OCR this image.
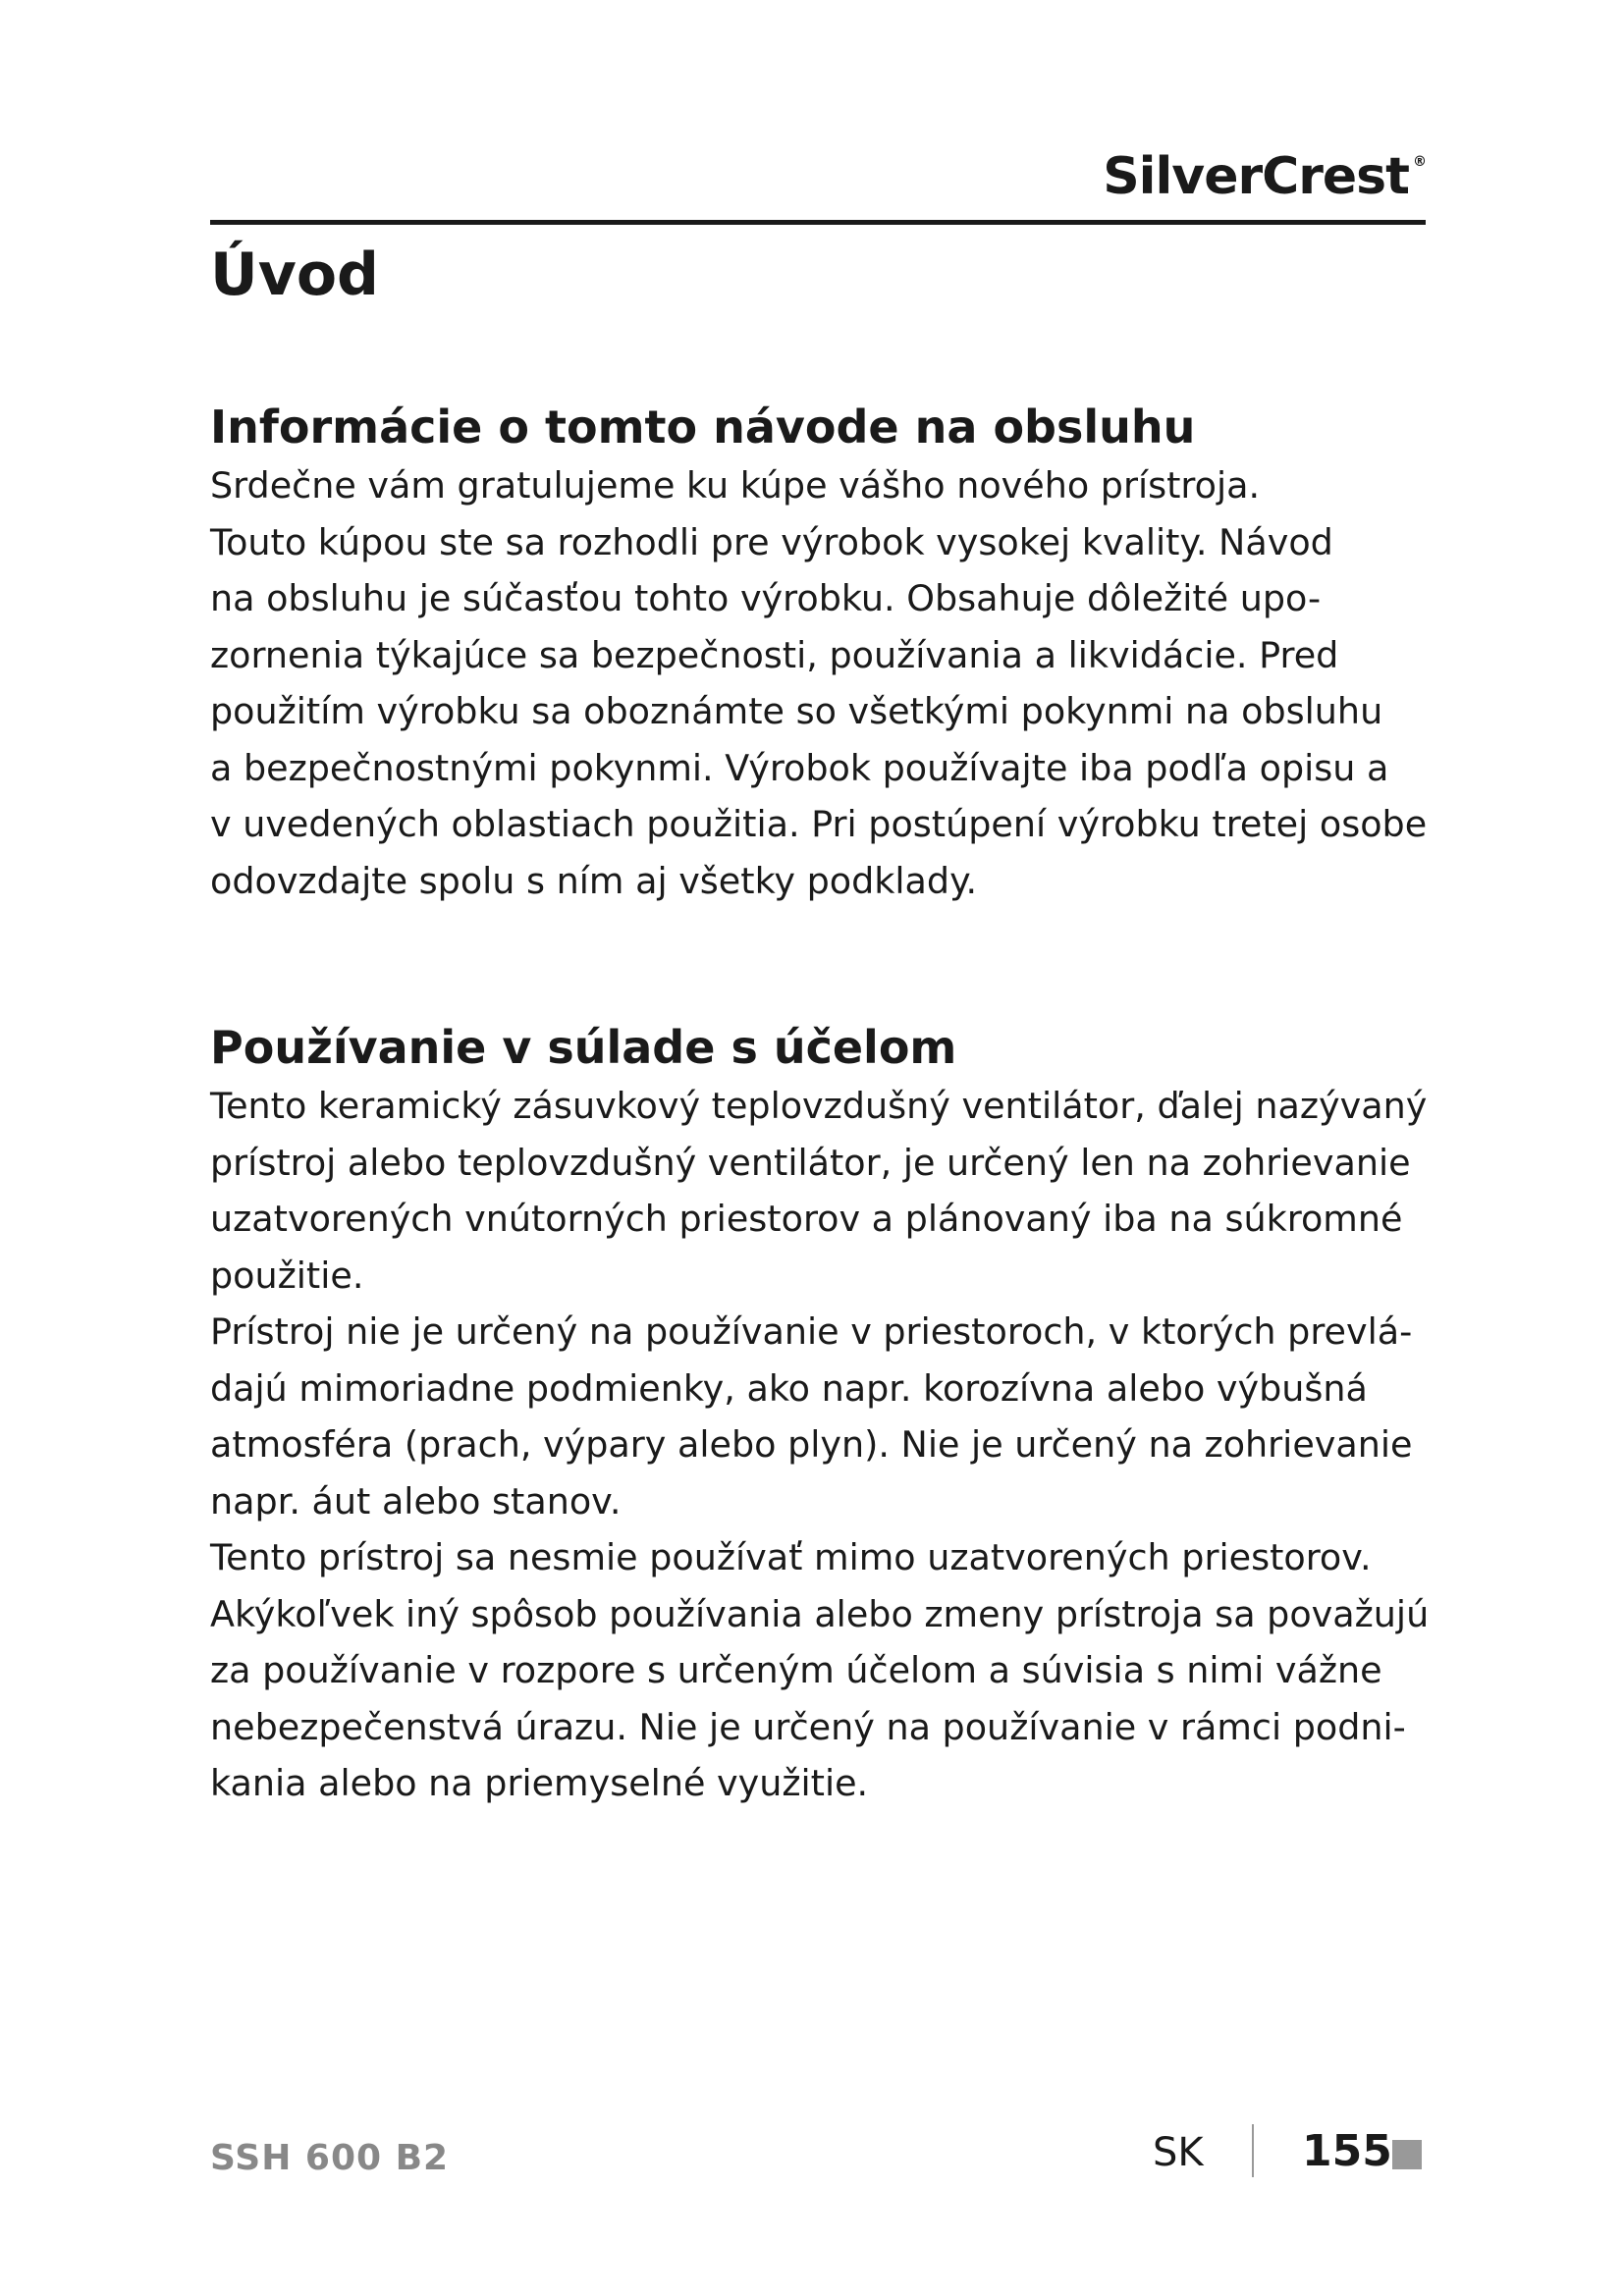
SilverCrest ®
Úvod
Informácie o tomto návode na obsluhu

Srdečne vám gratulujeme ku kúpe vášho nového prístroja.
Touto kúpou ste sa rozhodli pre výrobok vysokej kvality. Návod
na obsluhu je súčasťou tohto výrobku. Obsahuje dôležité upo-
zornenia týkajúce sa bezpečnosti, používania a likvidácie. Pred
použitím výrobku sa oboznámte so všetkými pokynmi na obsluhu
a bezpečnostnými pokynmi. Výrobok používajte iba podľa opisu a
v uvedených oblastiach použitia. Pri postúpení výrobku tretej osobe
odovzdajte spolu s ním aj všetky podklady.

Používanie v súlade s účelom

Tento keramický zásuvkový teplovzdušný ventilátor, ďalej nazývaný
prístroj alebo teplovzdušný ventilátor, je určený len na zohrievanie
uzatvorených vnútorných priestorov a plánovaný iba na súkromné
použitie.

Prístroj nie je určený na používanie v priestoroch, v ktorých prevlá-
dajú mimoriadne podmienky, ako napr. korozívna alebo výbušná
atmosféra (prach, výpary alebo plyn). Nie je určený na zohrievanie
napr. áut alebo stanov.

Tento prístroj sa nesmie používať mimo uzatvorených priestorov.
Akýkoľvek iný spôsob používania alebo zmeny prístroja sa považujú
za používanie v rozpore s určeným účelom a súvisia s nimi vážne
nebezpečenstvá úrazu. Nie je určený na používanie v rámci podni-
kania alebo na priemyselné využitie.

SSH 600 B2	SK 155
